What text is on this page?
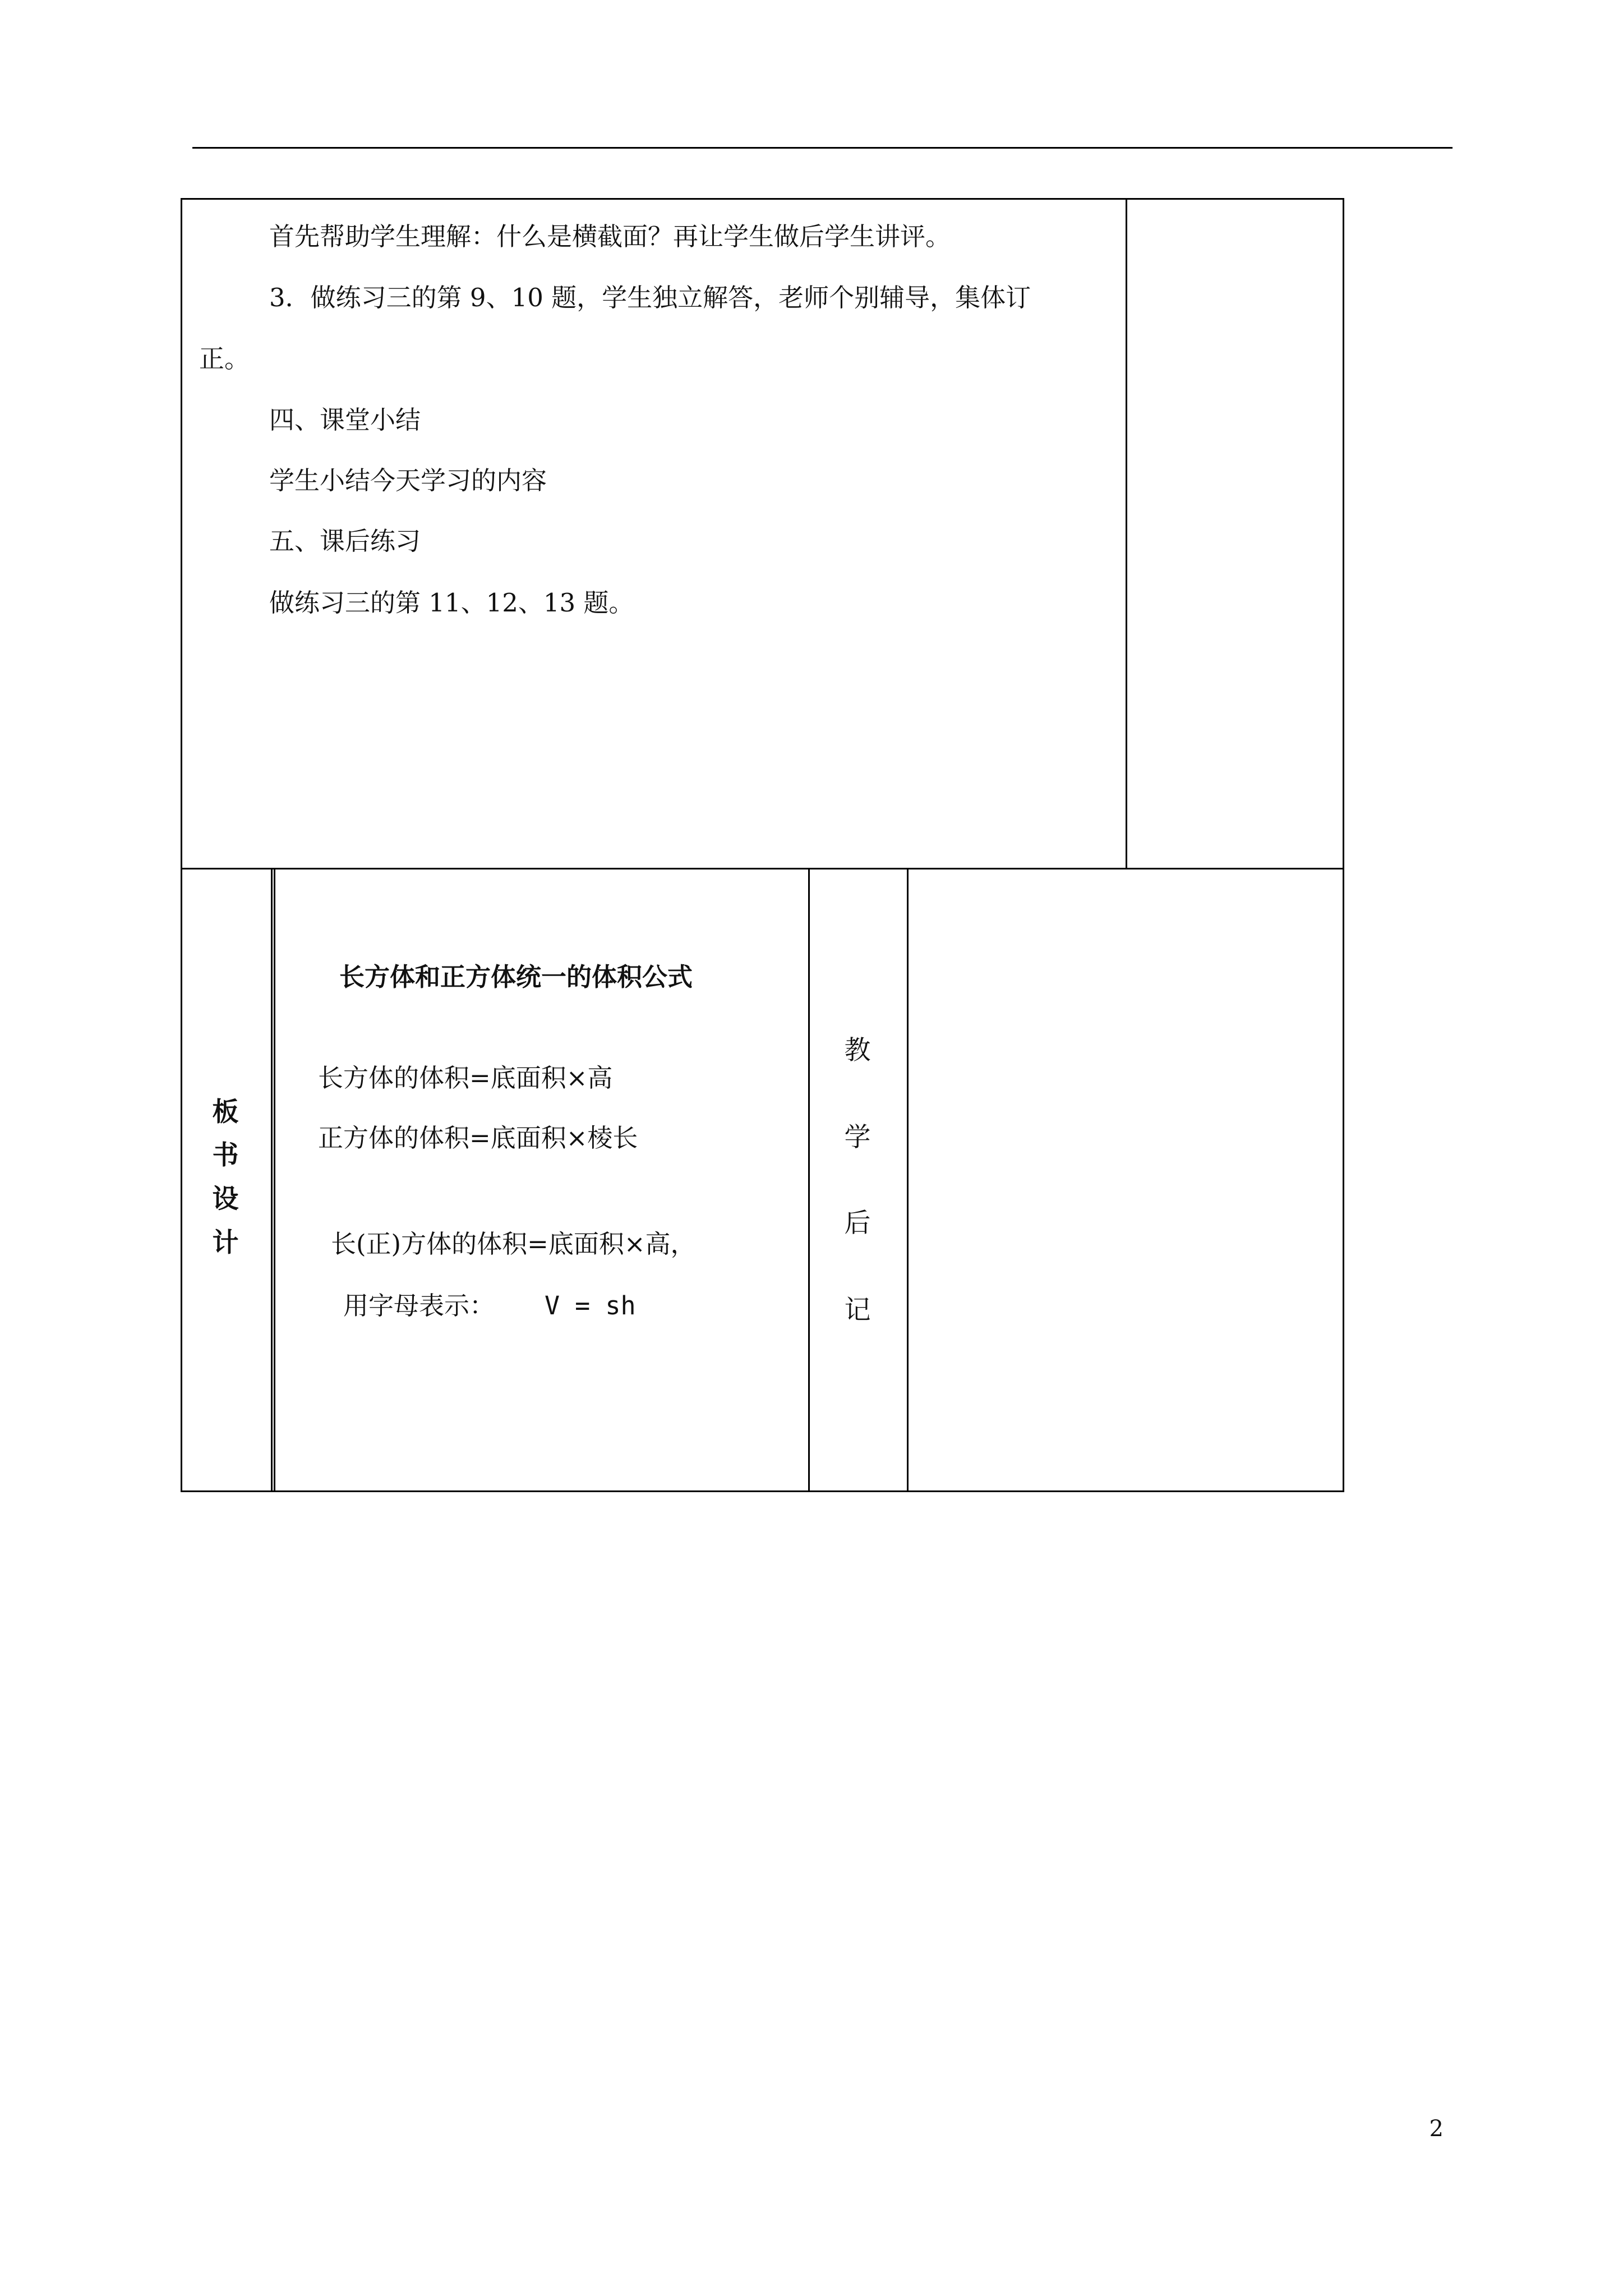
首先帮助学生理解：什么是横截面？再让学生做后学生讲评。
3．做练习三的第 9、10 题，学生独立解答，老师个别辅导，集体订
正。
四、课堂小结
学生小结今天学习的内容
五、课后练习
做练习三的第 11、12、13 题。
板
书
设
计
长方体和正方体统一的体积公式
长方体的体积=底面积×高
正方体的体积=底面积×棱长
长(正)方体的体积=底面积×高，
用字母表示： V = sh
教
学
后
记
2
